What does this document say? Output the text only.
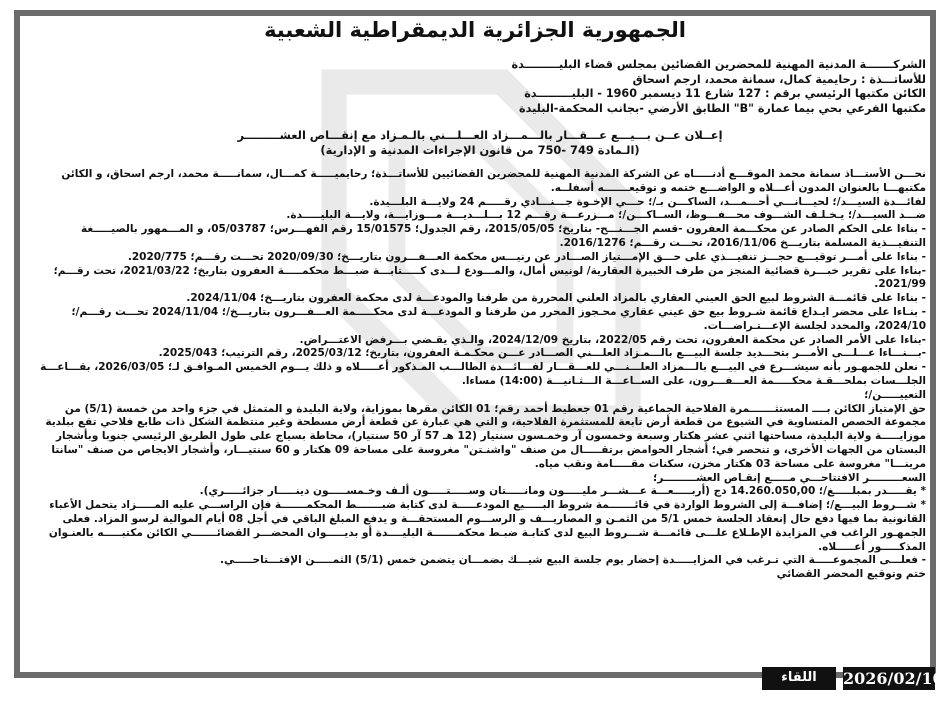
الجمهورية الجزائرية الديمقراطية الشعبية
الشركـــــــة المدنية المهنية للمحضرين القضائين بمجلس قضاء البليـــــــــدة
للأساتـــذة : رحايمية كمال، سمانة محمد، ارجم اسحاق
الكائن مكتبها الرئيسي برقم : 127 شارع 11 ديسمبر 1960 - البليـــــــــدة
مكتبها الفرعي بحي بيما عمارة "B" الطابق الأرضي -بجانب المحكمة-البليدة
إعــلان عــن بـــيـــع عـــقـــار بالـــمـــزاد العـــلـــني بالـمـزاد مع إنقـــاص العشـــــــــر
(الـمادة 749 -750 من قانون الإجراءات المدنية و الإدارية)

نحـــن الأستـــاذ سمانة محمد الموقـــع أدنـــــاه عن الشركة المدنية المهنية للمحضرين القضائيين للأساتـــذة؛ رحايميـــــة كمـــال، سمانـــــة محمد، ارجم اسحاق، و الكائن مكتبهـــا بالعنوان المدون أعـــلاه و الواضـــع ختمه و توقيعـــــــه أسفلــه.

لفائـــدة السيـــد/؛ لحيـــانـــي أحـــمـــد، الساكـــن بـ/؛ حـــي الإخـوة جـــنـــادي رقـــــم 24 ولايـــة البلـــيدة.

ضـــد السيـــد/؛ يـخـلـف الشـــوف محـــفـــوظ، الســاكـــن/؛ مـــزرعـــة رقـــم 12 بـــلـــديـــة مـــوزايـــة، ولايـــة البليـــــدة.

- بناءا على الحكم الصادر عن محكـــمة العفرون -قسم الجـــنـــح- بتاريخ؛ 2015/05/05، رقم الجدول؛ 15/01575 رقم الفهـــرس؛ 05/03787، و المـــمهور بالصيـــــغة التنفيـــذية المسلمة بتاريـــخ 2016/11/06، تحـــت رقـــم؛ 2016/1276.

- بناءا على أمـــر توقيـــع حجـــز تنفيـــذي على حـــق الإمـــتياز الصـــادر عن رنيـــس محكمة العـــفـــرون بتاريـــخ؛ 2020/09/30 تحـــت رقـــم؛ 2020/775.

-بناءا على تقرير خبـــرة قضائية المنجز من طرف الخبيرة العقارية/ لونيس أمال، والمـــودع لـــدى كـــــتابـــة ضبـــط محكمـــــة العفرون بتاريخ؛ 2021/03/22، تحت رقـــم؛ 2021/99.

- بناءا على قائمـــة الشروط لبيع الحق العيني العقاري بالمزاد العلني المحررة من طرفنا والمودعـــة لدى محكمة العفرون بتاريـــخ؛ 2024/11/04.

- بنـاءا على محضر ايـداع قائمة شـروط بيع حق عيني عقاري محـجوز المحرر من طرفنا و المودعـــة لدى محكـــــمة العـــفـــرون بتاريـــخ/؛ 2024/11/04 تحـــت رقـــم/؛ 2024/10، والمحدد لجلسة الإعـــتـراضـــات.

-بناءا على الأمر الصادر عن محكمة العفرون، تحت رقم 2022/05، بتاريخ 2024/12/09، والـذي يقـضي بـــرفض الاعتـــراض.

-بـــنـــاءا عـــلـــى الأمـــر بتحـــديد جلسة البيـــع بالـــمـزاد العلـــني الصـــادر عـــن محكـمـة العفرون، بتاريخ؛ 2025/03/12، رقم الترتيب؛ 2025/043.

- نعلن للجمهـور بأنه سيشـــرع في البيـــع بالـــمزاد العلـــنـــي للعـــقـــار لفـــائـــدة الطالـــب المـذكور أعـــــلاه و ذلك يـــوم الخميس المـوافـق لـ؛ 2026/03/05، بقـــاعـــة الجلـــسات بملحـــقـة محكـــــمة العـــفـــرون، على الســاعـــة الـــثـانيـــة (14:00) مساءا.

التعييـــــن/؛

حق الإمتياز الكائن بــــ المستثـــــــمرة الفلاحية الجماعية رقم 01 جعطيط أحمد رقم؛ 01 الكائن مقرها بموزاية، ولاية البليدة و المتمثل في جزء واحد من خمسة (5/1) من مجموعة الحصص المتساوية في الشيوع من قطعة أرض تابعة للمستثمرة الفلاحية، و التي هي عبارة عن قطعة أرض مسطحة وغير منتظمة الشكل ذات طابع فلاحي تقع ببلدية موزايـــــة ولاية البليدة، مساحتها اثني عشر هكتار وسبعة وخمسون آر وخمـسون سنتيار (12 هـ 57 آر 50 سنتيار)، محاطة بسياج على طول الطريق الرئيسي جنوبا وبأشجار البستان من الجهات الأخرى، و تنحصر في؛ أشجار الحوامض برتقـــــال من صنف "واشنـتن" مغروسة على مساحة 09 هكتار و 60 سنتيـــار، وأشجار الايجاص من صنف "سانتا مرينـــا" مغروسة على مساحة 03 هكتار مخزن، سكنات مقـــــامة ونقب مياه.

السعـــــــــر الافتتاحـــي مـــــع إنقـاص العشـــــــــر؛

* يقـــــدر بمبلـــــغ/؛ 14.260.050,00 دج (أربـــــعـــة عـــشـــر مليـــــون ومانـــــتان وســـــتـــــون ألـف وخـمســـــون دينـــــار جزائـــــري).

* شـــروط البيـــع/؛ إضافـــة إلى الشروط الواردة في قائـــــــمة شروط البـــــيع المودعـــــة لدى كتابة ضبـــــــط المحكمـــــــة فإن الراســـي عليه المـــــزاد يتحمل الأعباء القانونية بما فيها دفع حال إنعقاد الجلسة خمس 5/1 من الثمـن و المصاريـــف و الرســـوم المستحقـــة و يدفع المبلغ الباقي في أجل 08 أيام الموالية لرسو المزاد. فعلى الجمهـور الراغب في المزايدة الإطـلاع علـــى قائمـــة شـــروط البيع لدى كتابـة ضبـط محكمـــــــة البليــــدة أو بديـــــوان المحضـــر القضائـــــــي الكائن مكتبـــــه بالعنـوان المذكـــــور أعـــــلاه.

- فعلـــى المجموعـــــة التي تـرغب في المزايـــــدة إحضار يوم جلسة البيع شيـــك بضمـــان يتضمن خمس (5/1) الثمـــــن الإفتـــتاحـــــي.

ختم وتوقيع المحضر القضائي

اللقاء	2026/02/10
